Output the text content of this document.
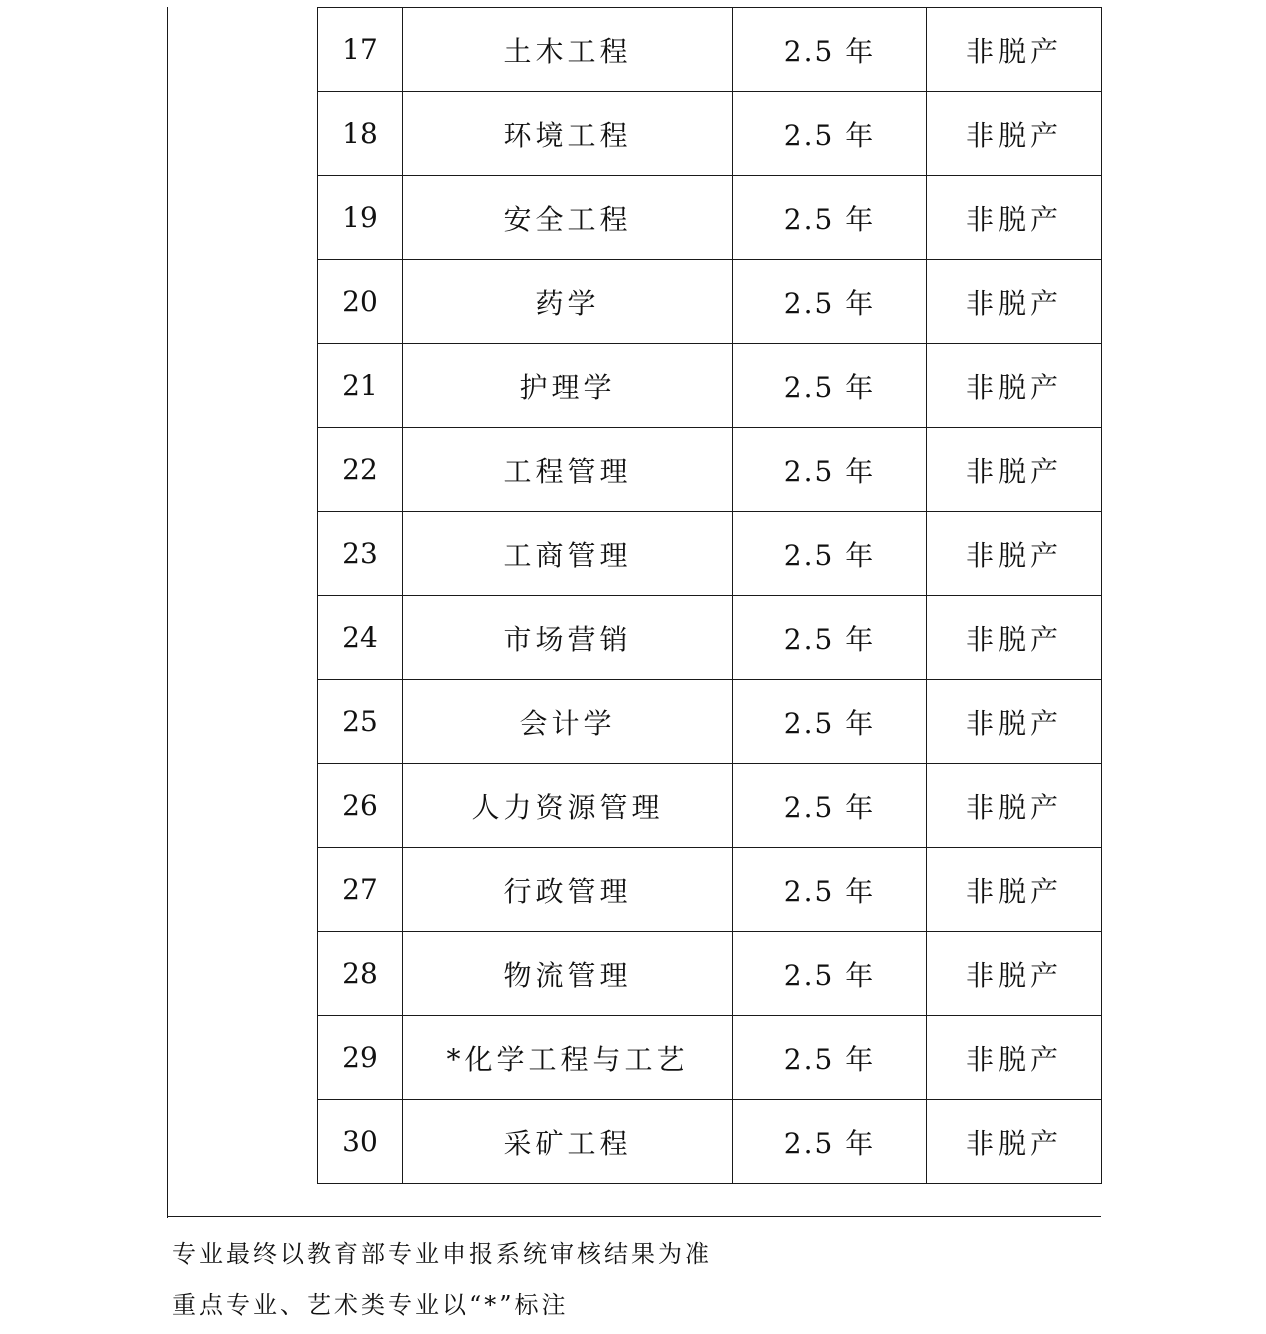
17	土木工程	2.5 年	非脱产
18	环境工程	2.5 年	非脱产
19	安全工程	2.5 年	非脱产
20	药学	2.5 年	非脱产
21	护理学	2.5 年	非脱产
22	工程管理	2.5 年	非脱产
23	工商管理	2.5 年	非脱产
24	市场营销	2.5 年	非脱产
25	会计学	2.5 年	非脱产
26	人力资源管理	2.5 年	非脱产
27	行政管理	2.5 年	非脱产
28	物流管理	2.5 年	非脱产
29	*化学工程与工艺	2.5 年	非脱产
30	采矿工程	2.5 年	非脱产
专业最终以教育部专业申报系统审核结果为准
重点专业、艺术类专业以“*”标注
